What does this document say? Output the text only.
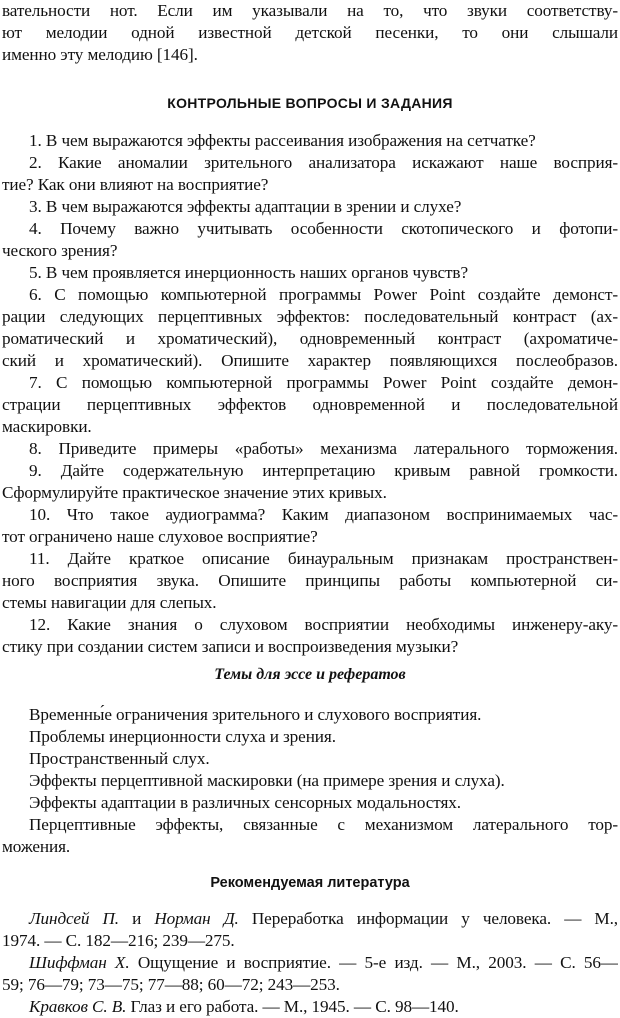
вательности нот. Если им указывали на то, что звуки соответству-
ют мелодии одной известной детской песенки, то они слышали
именно эту мелодию [146].
КОНТРОЛЬНЫЕ ВОПРОСЫ И ЗАДАНИЯ
1. В чем выражаются эффекты рассеивания изображения на сетчатке?
2. Какие аномалии зрительного анализатора искажают наше восприя-
тие? Как они влияют на восприятие?
3. В чем выражаются эффекты адаптации в зрении и слухе?
4. Почему важно учитывать особенности скотопического и фотопи-
ческого зрения?
5. В чем проявляется инерционность наших органов чувств?
6. С помощью компьютерной программы Power Point создайте демонст-
рации следующих перцептивных эффектов: последовательный контраст (ах-
роматический и хроматический), одновременный контраст (ахроматиче-
ский и хроматический). Опишите характер появляющихся послеобразов.
7. С помощью компьютерной программы Power Point создайте демон-
страции перцептивных эффектов одновременной и последовательной
маскировки.
8. Приведите примеры «работы» механизма латерального торможения.
9. Дайте содержательную интерпретацию кривым равной громкости.
Сформулируйте практическое значение этих кривых.
10. Что такое аудиограмма? Каким диапазоном воспринимаемых час-
тот ограничено наше слуховое восприятие?
11. Дайте краткое описание бинауральным признакам пространствен-
ного восприятия звука. Опишите принципы работы компьютерной си-
стемы навигации для слепых.
12. Какие знания о слуховом восприятии необходимы инженеру-аку-
стику при создании систем записи и воспроизведения музыки?
Темы для эссе и рефератов
Временны́е ограничения зрительного и слухового восприятия.
Проблемы инерционности слуха и зрения.
Пространственный слух.
Эффекты перцептивной маскировки (на примере зрения и слуха).
Эффекты адаптации в различных сенсорных модальностях.
Перцептивные эффекты, связанные с механизмом латерального тор-
можения.
Рекомендуемая литература
Линдсей П. и Норман Д. Переработка информации у человека. — М.,
1974. — С. 182—216; 239—275.
Шиффман Х. Ощущение и восприятие. — 5-е изд. — М., 2003. — С. 56—
59; 76—79; 73—75; 77—88; 60—72; 243—253.
Кравков С. В. Глаз и его работа. — М., 1945. — С. 98—140.
